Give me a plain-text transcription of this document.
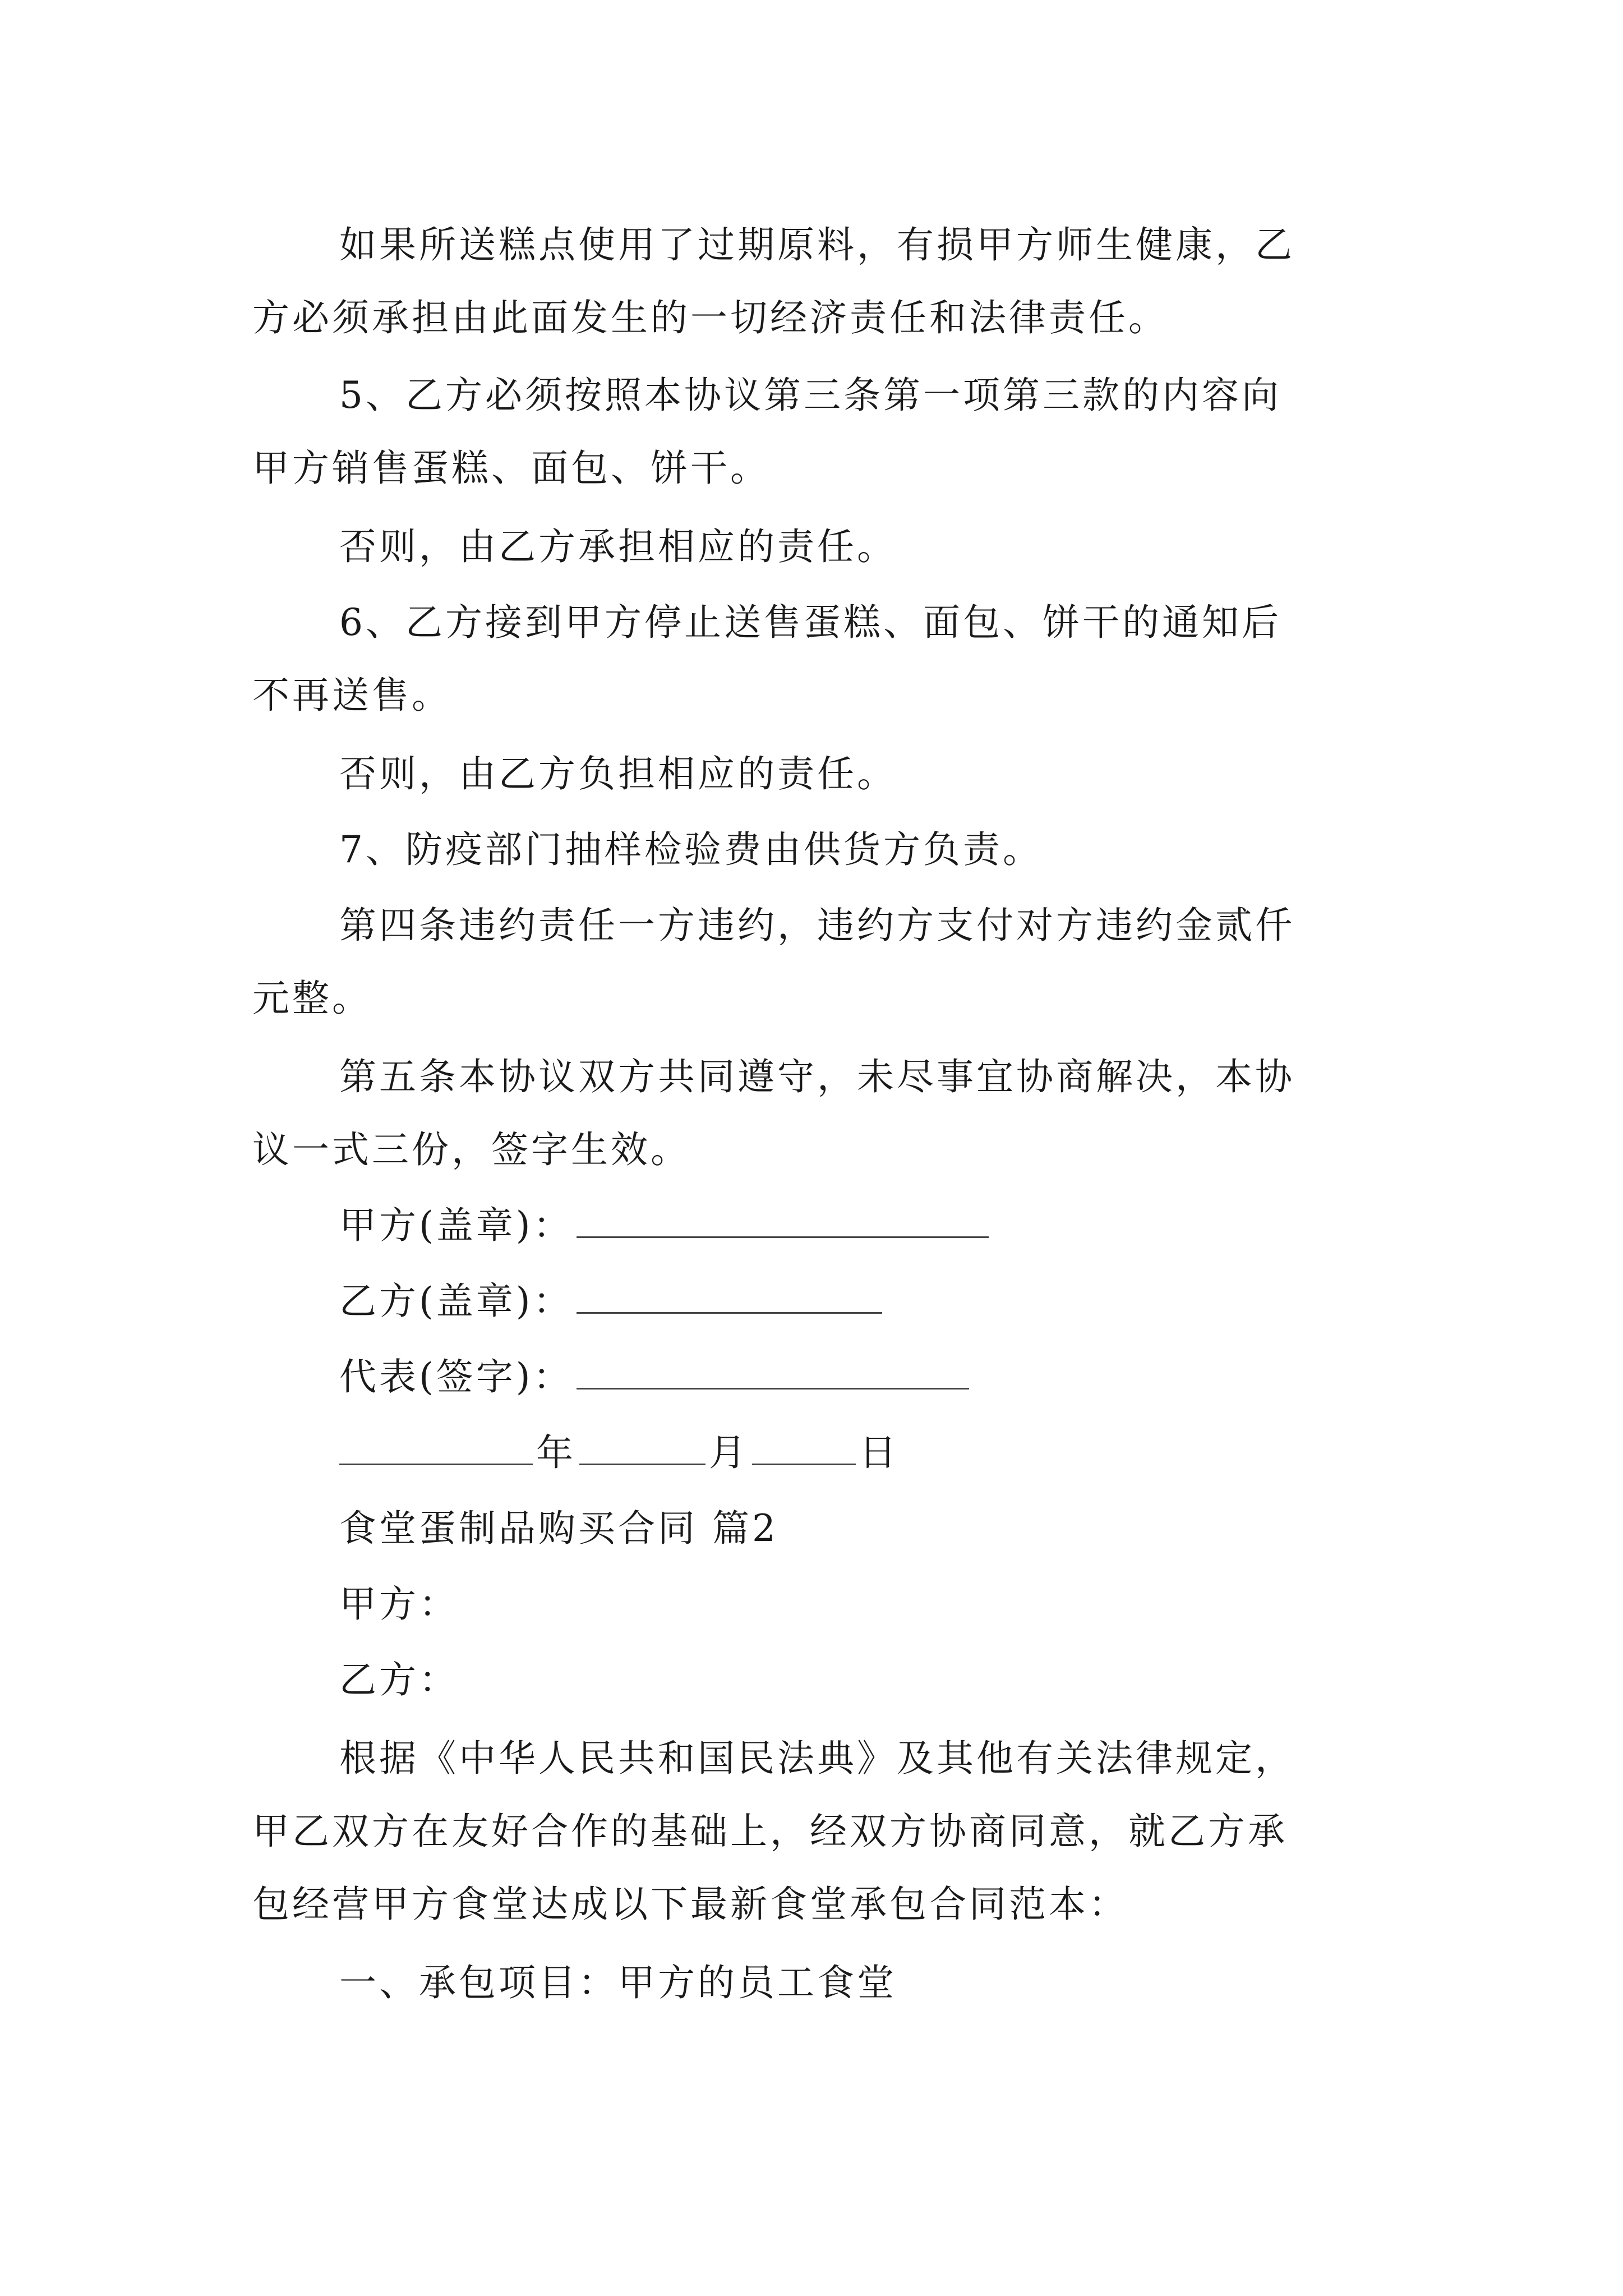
如果所送糕点使用了过期原料，有损甲方师生健康，乙
方必须承担由此面发生的一切经济责任和法律责任。
5、乙方必须按照本协议第三条第一项第三款的内容向
甲方销售蛋糕、面包、饼干。
否则，由乙方承担相应的责任。
6、乙方接到甲方停止送售蛋糕、面包、饼干的通知后
不再送售。
否则，由乙方负担相应的责任。
7、防疫部门抽样检验费由供货方负责。
第四条违约责任一方违约，违约方支付对方违约金贰仟
元整。
第五条本协议双方共同遵守，未尽事宜协商解决，本协
议一式三份，签字生效。
甲方(盖章)：
乙方(盖章)：
代表(签字)：
年	月	日
食堂蛋制品购买合同 篇2
甲方：
乙方：
根据《中华人民共和国民法典》及其他有关法律规定，
甲乙双方在友好合作的基础上，经双方协商同意，就乙方承
包经营甲方食堂达成以下最新食堂承包合同范本：
一、承包项目：甲方的员工食堂
